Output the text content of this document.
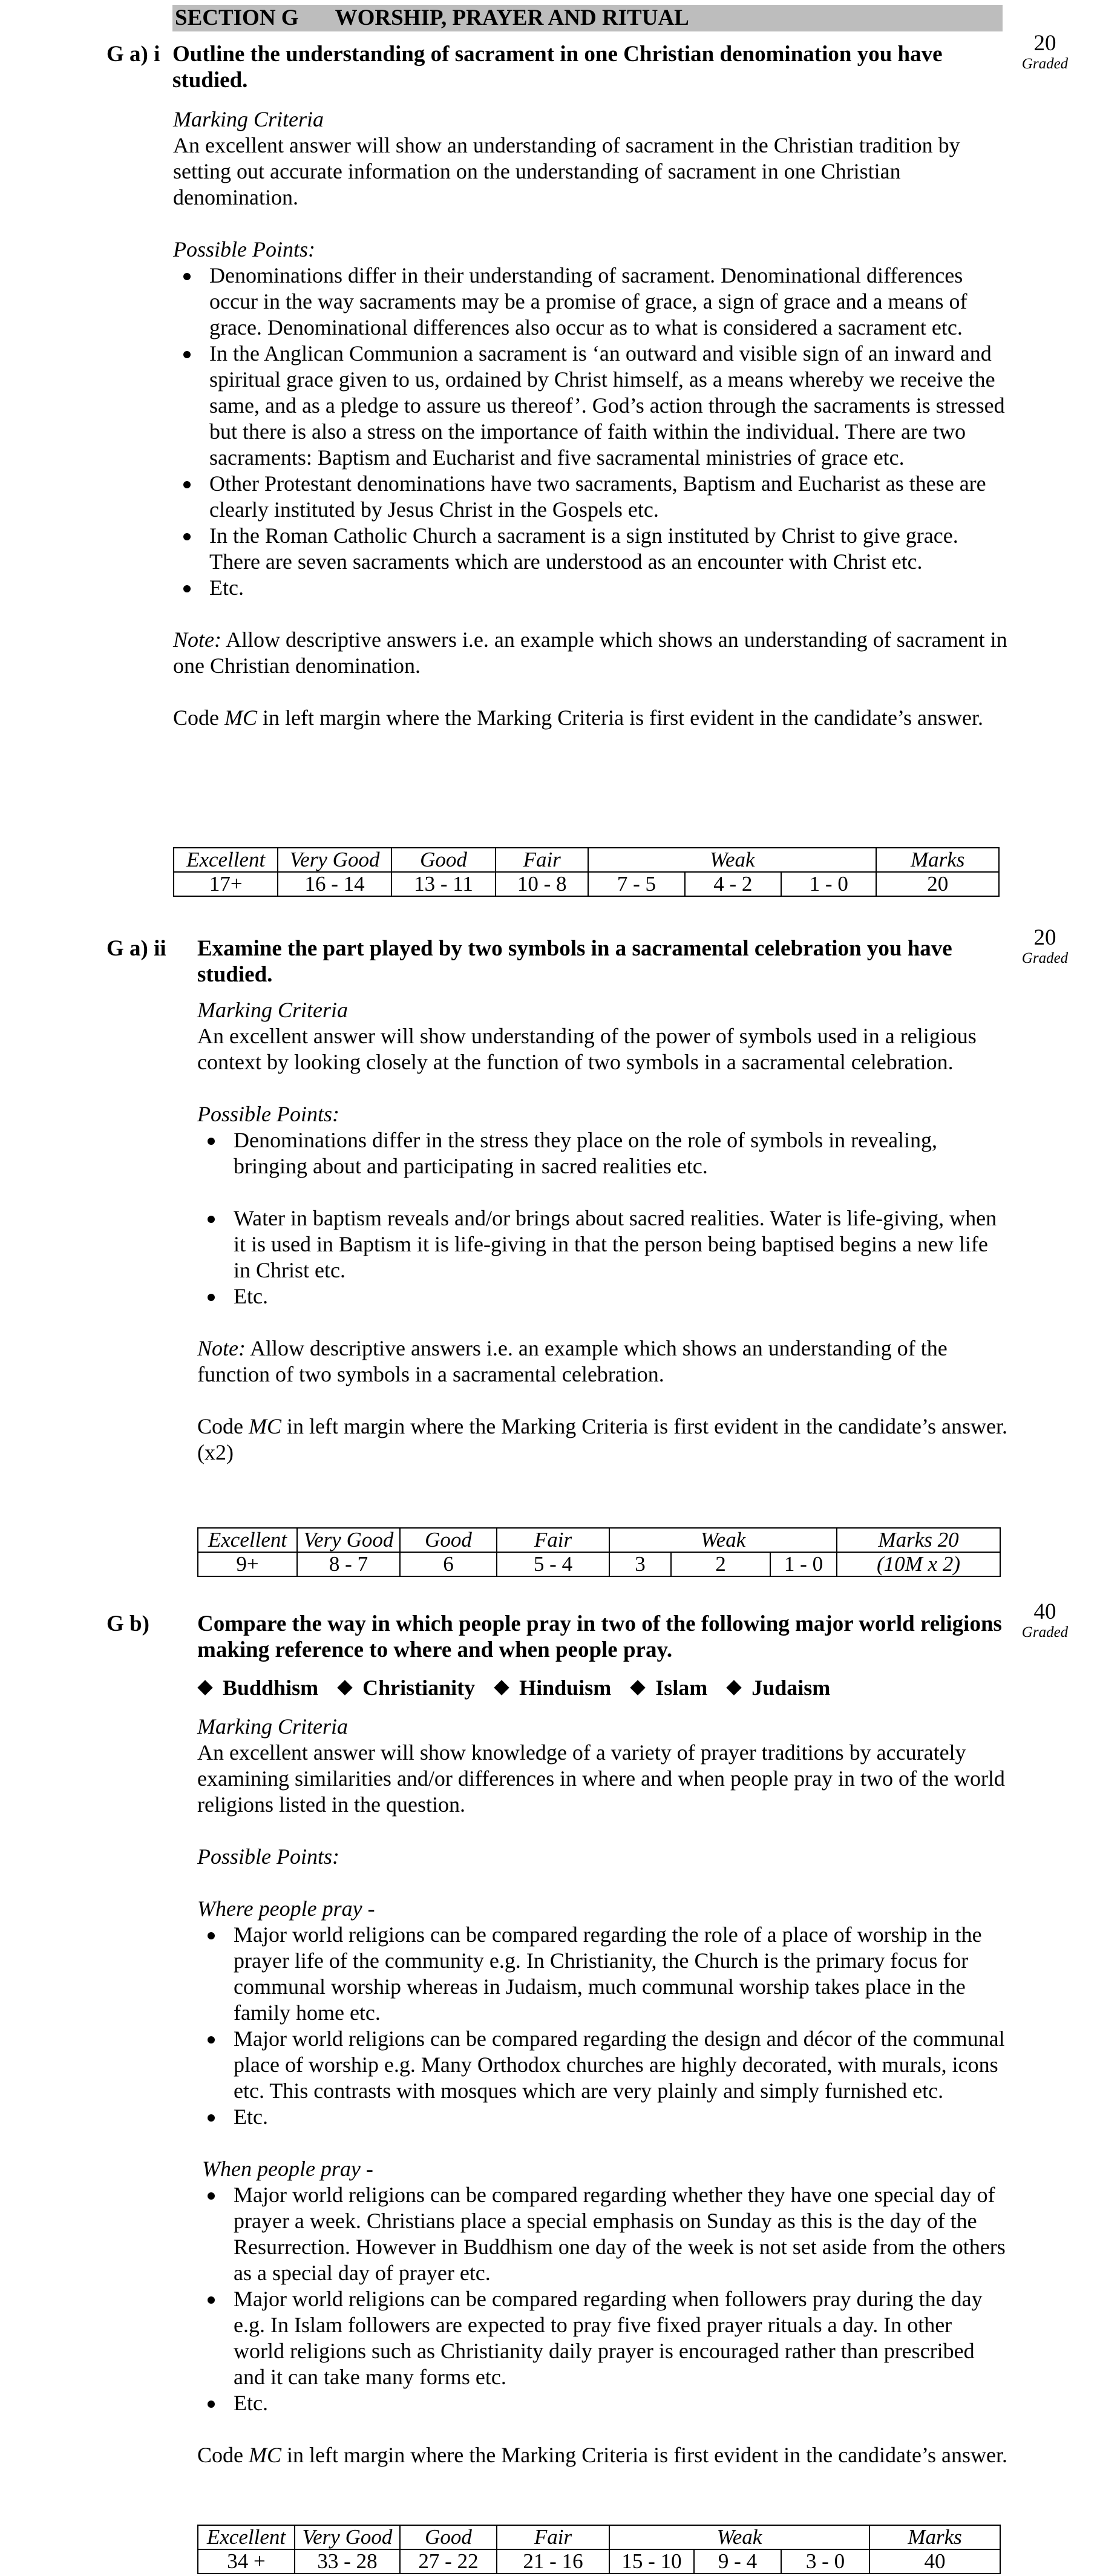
SECTION G WORSHIP, PRAYER AND RITUAL
G a) i Outline the understanding of sacrament in one Christian denomination you have studied.
20
Graded

Marking Criteria

An excellent answer will show an understanding of sacrament in the Christian tradition by setting out accurate information on the understanding of sacrament in one Christian denomination.

Possible Points:

Denominations differ in their understanding of sacrament. Denominational differences occur in the way sacraments may be a promise of grace, a sign of grace and a means of grace. Denominational differences also occur as to what is considered a sacrament etc.
In the Anglican Communion a sacrament is ‘an outward and visible sign of an inward and spiritual grace given to us, ordained by Christ himself, as a means whereby we receive the same, and as a pledge to assure us thereof’. God’s action through the sacraments is stressed but there is also a stress on the importance of faith within the individual. There are two sacraments: Baptism and Eucharist and five sacramental ministries of grace etc.
Other Protestant denominations have two sacraments, Baptism and Eucharist as these are clearly instituted by Jesus Christ in the Gospels etc.
In the Roman Catholic Church a sacrament is a sign instituted by Christ to give grace. There are seven sacraments which are understood as an encounter with Christ etc.
Etc.

Note: Allow descriptive answers i.e. an example which shows an understanding of sacrament in one Christian denomination.

Code MC in left margin where the Marking Criteria is first evident in the candidate’s answer.

Excellent	Very Good	Good	Fair	Weak			Marks
17+	16 - 14	13 - 11	10 - 8	7 - 5	4 - 2	1 - 0	20
G a) ii Examine the part played by two symbols in a sacramental celebration you have studied.
20
Graded

Marking Criteria

An excellent answer will show understanding of the power of symbols used in a religious context by looking closely at the function of two symbols in a sacramental celebration.

Possible Points:

Denominations differ in the stress they place on the role of symbols in revealing, bringing about and participating in sacred realities etc.
Water in baptism reveals and/or brings about sacred realities. Water is life-giving, when it is used in Baptism it is life-giving in that the person being baptised begins a new life in Christ etc.
Etc.

Note: Allow descriptive answers i.e. an example which shows an understanding of the function of two symbols in a sacramental celebration.

Code MC in left margin where the Marking Criteria is first evident in the candidate’s answer. (x2)

Excellent	Very Good	Good	Fair	Weak			Marks 20
9+	8 - 7	6	5 - 4	3	2	1 - 0	(10M x 2)
G b) Compare the way in which people pray in two of the following major world religions making reference to where and when people pray.
40
Graded
Buddhism Christianity Hinduism Islam Judaism

Marking Criteria

An excellent answer will show knowledge of a variety of prayer traditions by accurately examining similarities and/or differences in where and when people pray in two of the world religions listed in the question.

Possible Points:

Where people pray -

Major world religions can be compared regarding the role of a place of worship in the prayer life of the community e.g. In Christianity, the Church is the primary focus for communal worship whereas in Judaism, much communal worship takes place in the family home etc.
Major world religions can be compared regarding the design and décor of the communal place of worship e.g. Many Orthodox churches are highly decorated, with murals, icons etc. This contrasts with mosques which are very plainly and simply furnished etc.
Etc.

When people pray -

Major world religions can be compared regarding whether they have one special day of prayer a week. Christians place a special emphasis on Sunday as this is the day of the Resurrection. However in Buddhism one day of the week is not set aside from the others as a special day of prayer etc.
Major world religions can be compared regarding when followers pray during the day e.g. In Islam followers are expected to pray five fixed prayer rituals a day. In other world religions such as Christianity daily prayer is encouraged rather than prescribed and it can take many forms etc.
Etc.

Code MC in left margin where the Marking Criteria is first evident in the candidate’s answer.

Excellent	Very Good	Good	Fair	Weak			Marks
34 +	33 - 28	27 - 22	21 - 16	15 - 10	9 - 4	3 - 0	40
